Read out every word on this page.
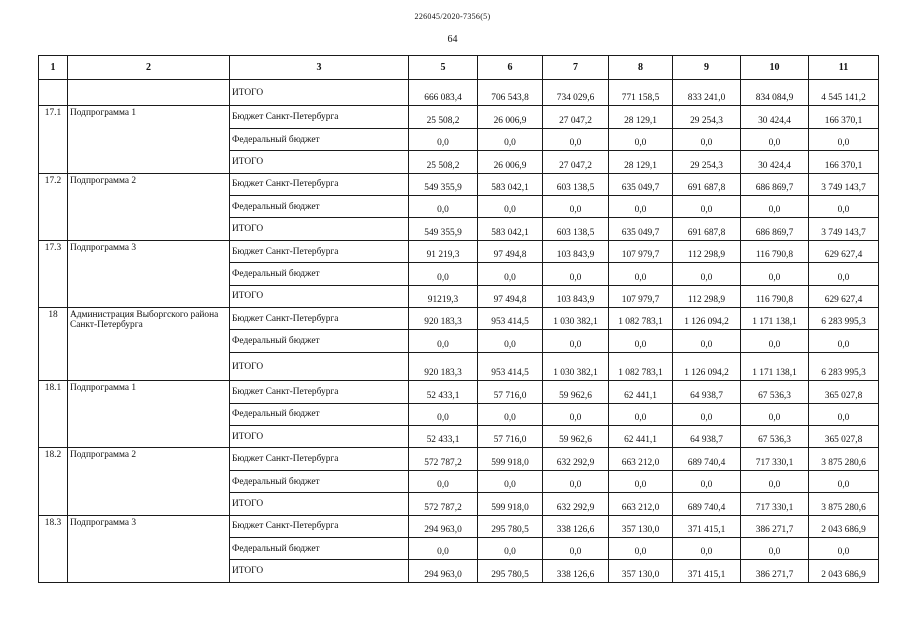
226045/2020-7356(5)
64
1	2	3	5	6	7	8	9	10	11
		ИТОГО	666 083,4	706 543,8	734 029,6	771 158,5	833 241,0	834 084,9	4 545 141,2
17.1	Подпрограмма 1	Бюджет Санкт-Петербурга	25 508,2	26 006,9	27 047,2	28 129,1	29 254,3	30 424,4	166 370,1
		Федеральный бюджет	0,0	0,0	0,0	0,0	0,0	0,0	0,0
		ИТОГО	25 508,2	26 006,9	27 047,2	28 129,1	29 254,3	30 424,4	166 370,1
17.2	Подпрограмма 2	Бюджет Санкт-Петербурга	549 355,9	583 042,1	603 138,5	635 049,7	691 687,8	686 869,7	3 749 143,7
		Федеральный бюджет	0,0	0,0	0,0	0,0	0,0	0,0	0,0
		ИТОГО	549 355,9	583 042,1	603 138,5	635 049,7	691 687,8	686 869,7	3 749 143,7
17.3	Подпрограмма 3	Бюджет Санкт-Петербурга	91 219,3	97 494,8	103 843,9	107 979,7	112 298,9	116 790,8	629 627,4
		Федеральный бюджет	0,0	0,0	0,0	0,0	0,0	0,0	0,0
		ИТОГО	91219,3	97 494,8	103 843,9	107 979,7	112 298,9	116 790,8	629 627,4
18	Администрация Выборгского района Санкт-Петербурга	Бюджет Санкт-Петербурга	920 183,3	953 414,5	1 030 382,1	1 082 783,1	1 126 094,2	1 171 138,1	6 283 995,3
		Федеральный бюджет	0,0	0,0	0,0	0,0	0,0	0,0	0,0
		ИТОГО	920 183,3	953 414,5	1 030 382,1	1 082 783,1	1 126 094,2	1 171 138,1	6 283 995,3
18.1	Подпрограмма 1	Бюджет Санкт-Петербурга	52 433,1	57 716,0	59 962,6	62 441,1	64 938,7	67 536,3	365 027,8
		Федеральный бюджет	0,0	0,0	0,0	0,0	0,0	0,0	0,0
		ИТОГО	52 433,1	57 716,0	59 962,6	62 441,1	64 938,7	67 536,3	365 027,8
18.2	Подпрограмма 2	Бюджет Санкт-Петербурга	572 787,2	599 918,0	632 292,9	663 212,0	689 740,4	717 330,1	3 875 280,6
		Федеральный бюджет	0,0	0,0	0,0	0,0	0,0	0,0	0,0
		ИТОГО	572 787,2	599 918,0	632 292,9	663 212,0	689 740,4	717 330,1	3 875 280,6
18.3	Подпрограмма 3	Бюджет Санкт-Петербурга	294 963,0	295 780,5	338 126,6	357 130,0	371 415,1	386 271,7	2 043 686,9
		Федеральный бюджет	0,0	0,0	0,0	0,0	0,0	0,0	0,0
		ИТОГО	294 963,0	295 780,5	338 126,6	357 130,0	371 415,1	386 271,7	2 043 686,9
